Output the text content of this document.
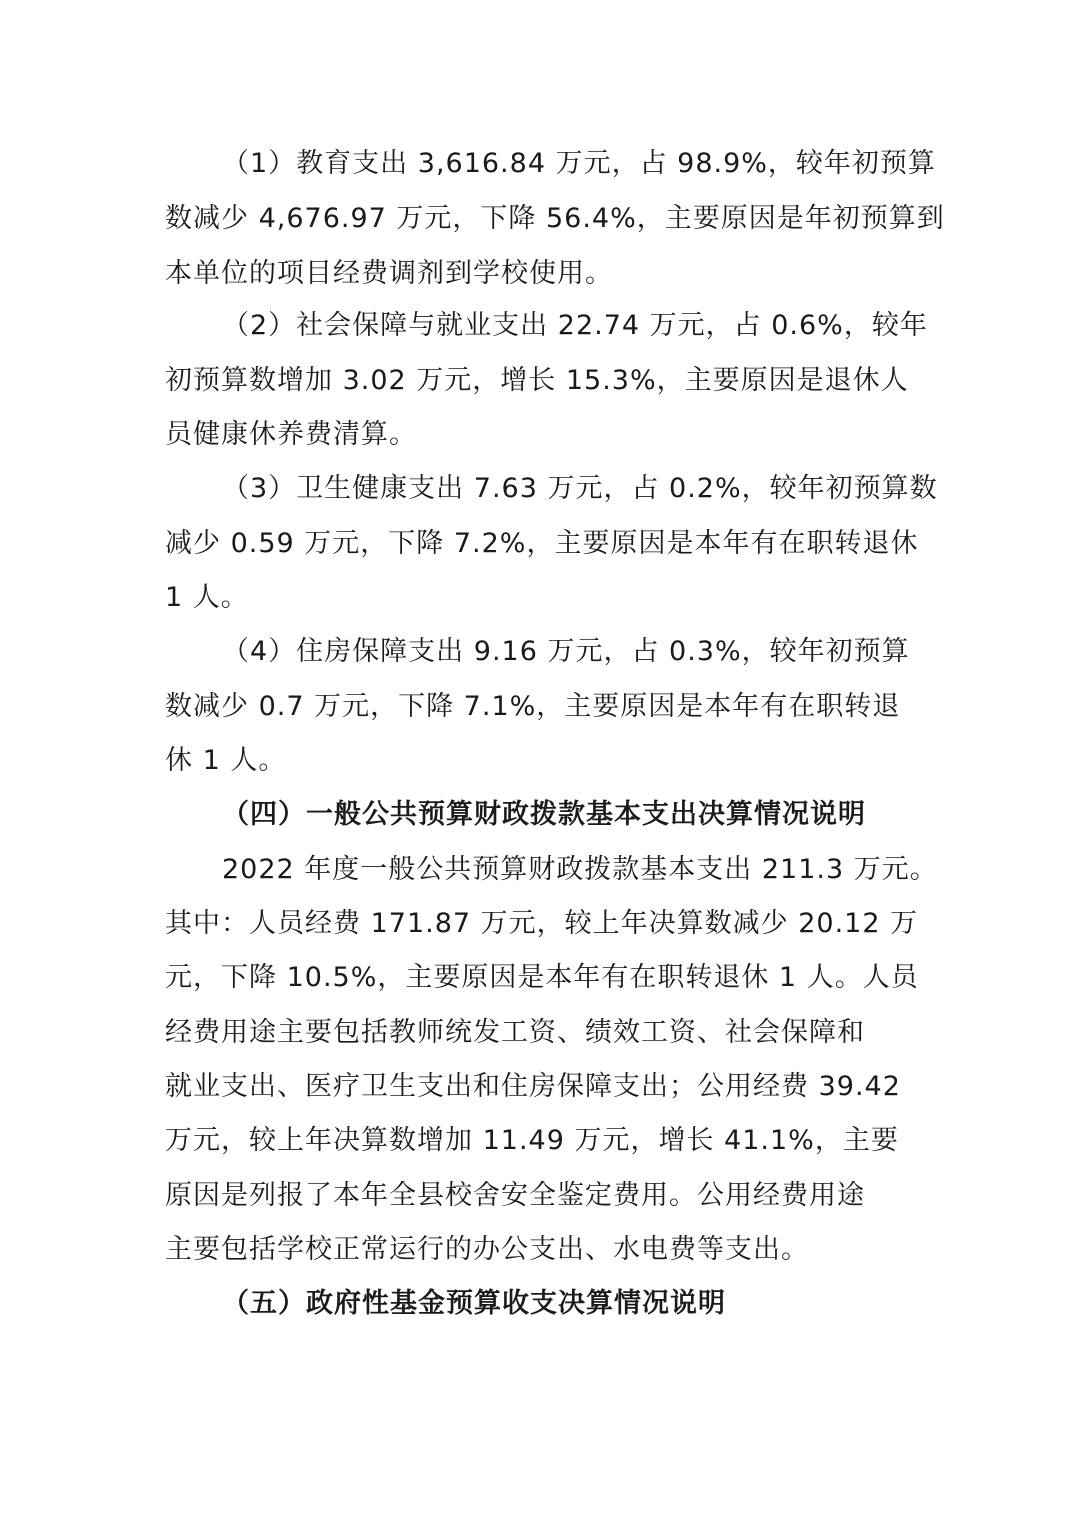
（1）教育支出 3,616.84 万元，占 98.9%，较年初预算
数减少 4,676.97 万元，下降 56.4%，主要原因是年初预算到
本单位的项目经费调剂到学校使用。
（2）社会保障与就业支出 22.74 万元，占 0.6%，较年
初预算数增加 3.02 万元，增长 15.3%，主要原因是退休人
员健康休养费清算。
（3）卫生健康支出 7.63 万元，占 0.2%，较年初预算数
减少 0.59 万元，下降 7.2%，主要原因是本年有在职转退休
1 人。
（4）住房保障支出 9.16 万元，占 0.3%，较年初预算
数减少 0.7 万元，下降 7.1%，主要原因是本年有在职转退
休 1 人。
（四）一般公共预算财政拨款基本支出决算情况说明
2022 年度一般公共预算财政拨款基本支出 211.3 万元。
其中：人员经费 171.87 万元，较上年决算数减少 20.12 万
元，下降 10.5%，主要原因是本年有在职转退休 1 人。人员
经费用途主要包括教师统发工资、绩效工资、社会保障和
就业支出、医疗卫生支出和住房保障支出；公用经费 39.42
万元，较上年决算数增加 11.49 万元，增长 41.1%，主要
原因是列报了本年全县校舍安全鉴定费用。公用经费用途
主要包括学校正常运行的办公支出、水电费等支出。
（五）政府性基金预算收支决算情况说明
